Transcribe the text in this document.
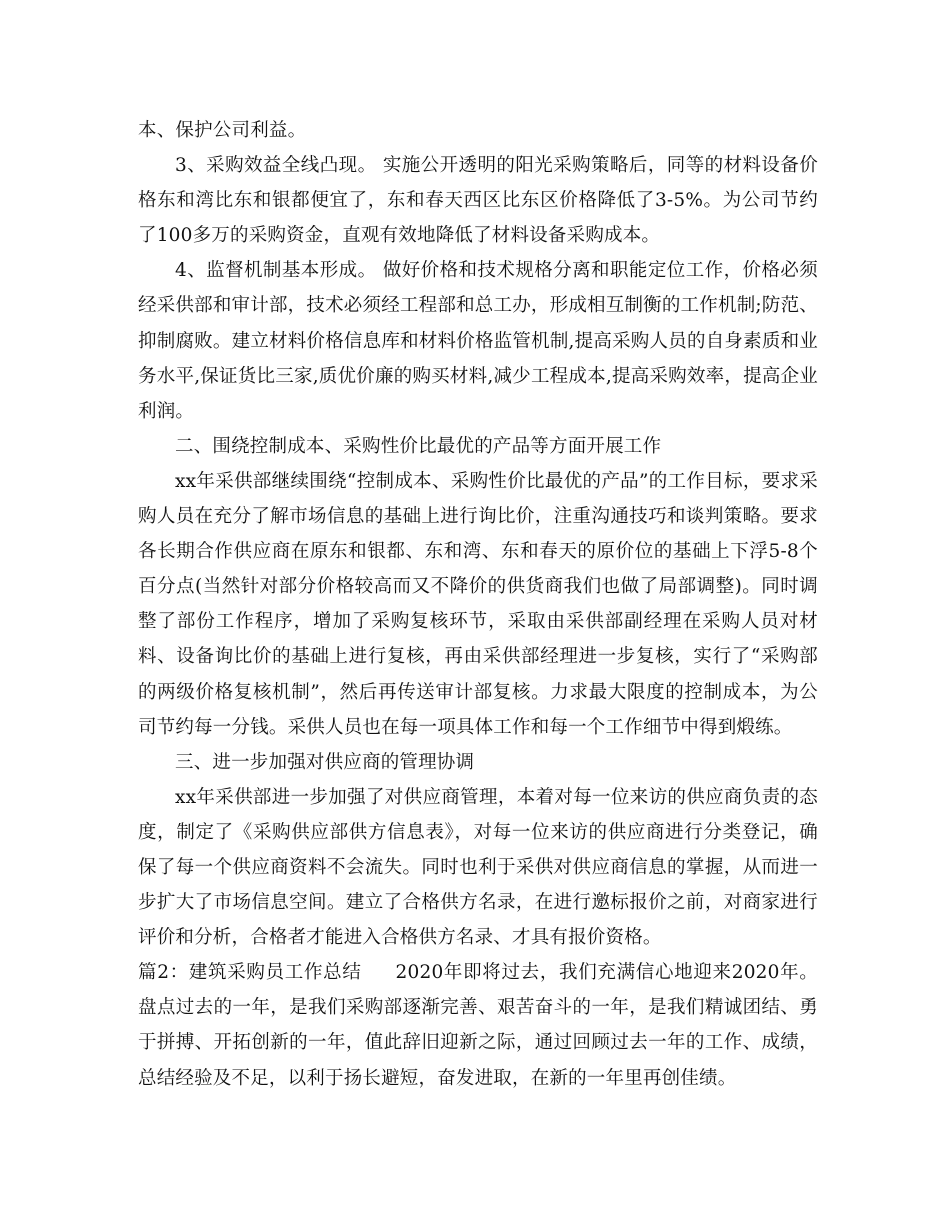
本、保护公司利益。

3、采购效益全线凸现。 实施公开透明的阳光采购策略后，同等的材料设备价格东和湾比东和银都便宜了，东和春天西区比东区价格降低了3-5%。为公司节约了100多万的采购资金，直观有效地降低了材料设备采购成本。

4、监督机制基本形成。 做好价格和技术规格分离和职能定位工作，价格必须经采供部和审计部，技术必须经工程部和总工办，形成相互制衡的工作机制;防范、抑制腐败。建立材料价格信息库和材料价格监管机制,提高采购人员的自身素质和业务水平,保证货比三家,质优价廉的购买材料,减少工程成本,提高采购效率，提高企业利润。

二、围绕控制成本、采购性价比最优的产品等方面开展工作

xx年采供部继续围绕“控制成本、采购性价比最优的产品”的工作目标，要求采购人员在充分了解市场信息的基础上进行询比价，注重沟通技巧和谈判策略。要求各长期合作供应商在原东和银都、东和湾、东和春天的原价位的基础上下浮5-8个百分点(当然针对部分价格较高而又不降价的供货商我们也做了局部调整)。同时调整了部份工作程序，增加了采购复核环节，采取由采供部副经理在采购人员对材料、设备询比价的基础上进行复核，再由采供部经理进一步复核，实行了“采购部的两级价格复核机制”，然后再传送审计部复核。力求最大限度的控制成本，为公司节约每一分钱。采供人员也在每一项具体工作和每一个工作细节中得到煅练。

三、进一步加强对供应商的管理协调

xx年采供部进一步加强了对供应商管理，本着对每一位来访的供应商负责的态度，制定了《采购供应部供方信息表》，对每一位来访的供应商进行分类登记，确保了每一个供应商资料不会流失。同时也利于采供对供应商信息的掌握，从而进一步扩大了市场信息空间。建立了合格供方名录，在进行邀标报价之前，对商家进行评价和分析，合格者才能进入合格供方名录、才具有报价资格。

篇2：建筑采购员工作总结 2020年即将过去，我们充满信心地迎来2020年。盘点过去的一年，是我们采购部逐渐完善、艰苦奋斗的一年，是我们精诚团结、勇于拼搏、开拓创新的一年，值此辞旧迎新之际，通过回顾过去一年的工作、成绩，总结经验及不足，以利于扬长避短，奋发进取，在新的一年里再创佳绩。
